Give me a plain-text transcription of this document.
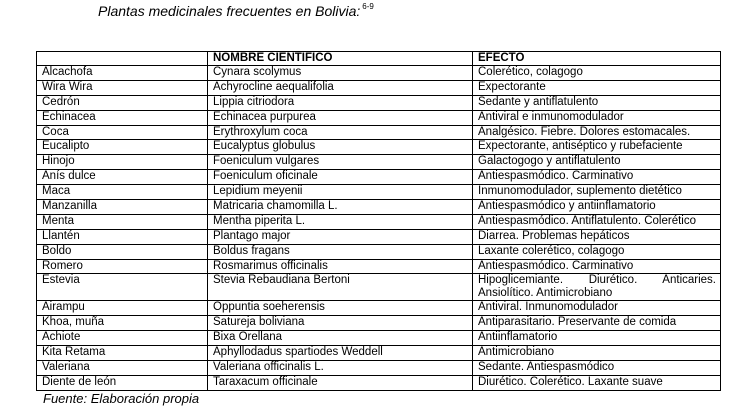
Plantas medicinales frecuentes en Bolivia: $^{6-9}$
	NOMBRE CIENTIFICO	EFECTO
Alcachofa	Cynara scolymus	Colerético, colagogo
Wira Wira	Achyrocline aequalifolia	Expectorante
Cedrón	Lippia citriodora	Sedante y antiflatulento
Echinacea	Echinacea purpurea	Antiviral e inmunomodulador
Coca	Erythroxylum coca	Analgésico. Fiebre. Dolores estomacales.
Eucalipto	Eucalyptus globulus	Expectorante, antiséptico y rubefaciente
Hinojo	Foeniculum vulgares	Galactogogo y antiflatulento
Anís dulce	Foeniculum oficinale	Antiespasmódico. Carminativo
Maca	Lepidium meyenii	Inmunomodulador, suplemento dietético
Manzanilla	Matricaria chamomilla L.	Antiespasmódico y antiinflamatorio
Menta	Mentha piperita L.	Antiespasmódico. Antiflatulento. Colerético
Llantén	Plantago major	Diarrea. Problemas hepáticos
Boldo	Boldus fragans	Laxante colerético, colagogo
Romero	Rosmarimus officinalis	Antiespasmódico. Carminativo
Estevia	Stevia Rebaudiana Bertoni	Hipoglicemiante. Diurético. Anticaries. Ansiolítico. Antimicrobiano
Airampu	Oppuntia soeherensis	Antiviral. Inmunomodulador
Khoa, muña	Satureja boliviana	Antiparasitario. Preservante de comida
Achiote	Bixa Orellana	Antiinflamatorio
Kita Retama	Aphyllodadus spartiodes Weddell	Antimicrobiano
Valeriana	Valeriana officinalis L.	Sedante. Antiespasmódico
Diente de león	Taraxacum officinale	Diurético. Colerético. Laxante suave
Fuente: Elaboración propia
